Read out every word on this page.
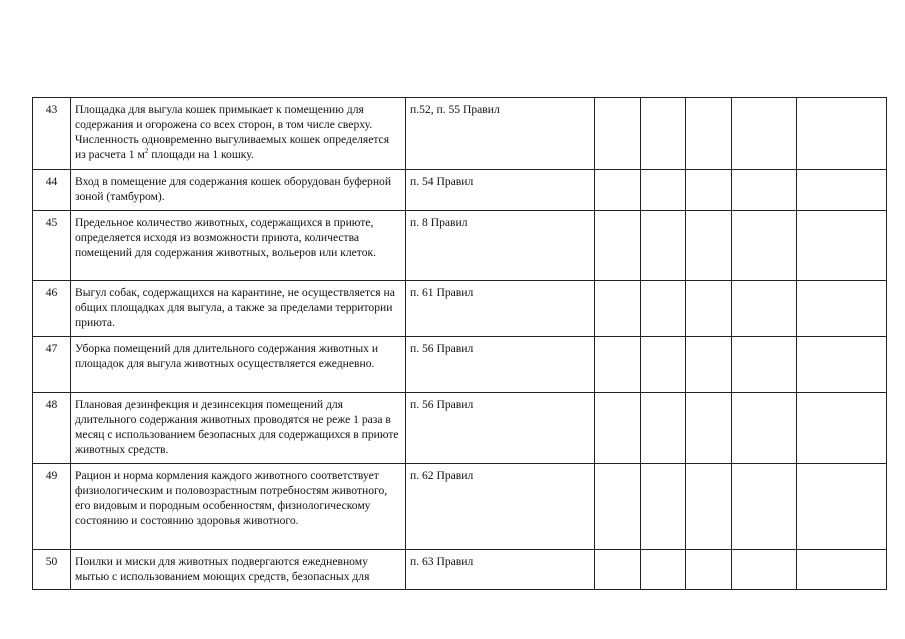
43	Площадка для выгула кошек примыкает к помещению для содержания и огорожена со всех сторон, в том числе сверху. Численность одновременно выгуливаемых кошек определяется из расчета 1 $м^2$ площади на 1 кошку.	п.52, п. 55 Правил					
44	Вход в помещение для содержания кошек оборудован буферной зоной (тамбуром).	п. 54 Правил					
45	Предельное количество животных, содержащихся в приюте, определяется исходя из возможности приюта, количества помещений для содержания животных, вольеров или клеток.	п. 8 Правил					
46	Выгул собак, содержащихся на карантине, не осуществляется на общих площадках для выгула, а также за пределами территории приюта.	п. 61 Правил					
47	Уборка помещений для длительного содержания животных и площадок для выгула животных осуществляется ежедневно.	п. 56 Правил					
48	Плановая дезинфекция и дезинсекция помещений для длительного содержания животных проводятся не реже 1 раза в месяц с использованием безопасных для содержащихся в приюте животных средств.	п. 56 Правил					
49	Рацион и норма кормления каждого животного соответствует физиологическим и половозрастным потребностям животного, его видовым и породным особенностям, физиологическому состоянию и состоянию здоровья животного.	п. 62 Правил					
50	Поилки и миски для животных подвергаются ежедневному мытью с использованием моющих средств, безопасных для	п. 63 Правил					
